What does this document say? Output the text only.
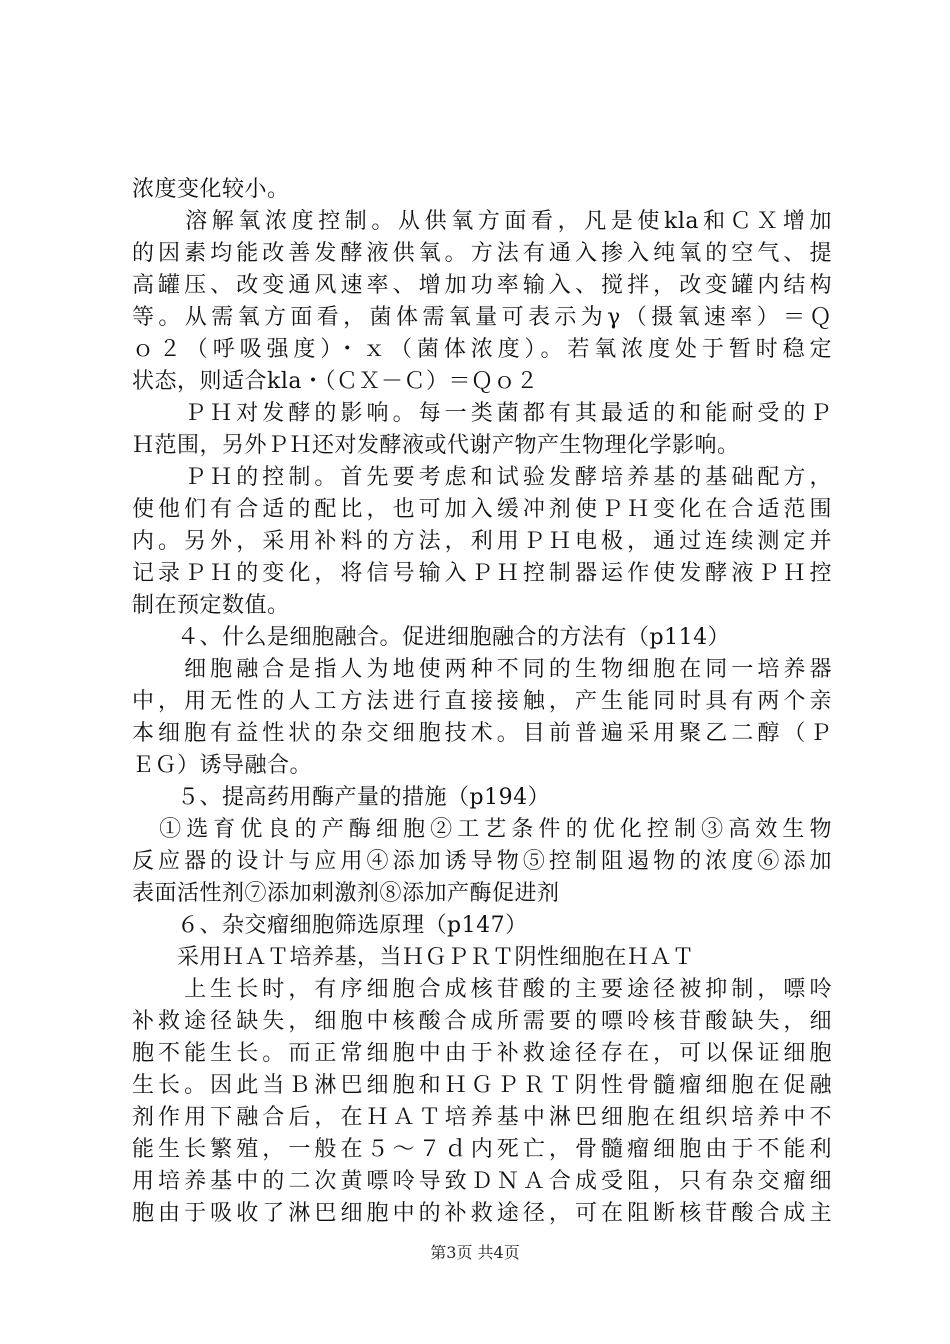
浓度变化较小。
　　溶解氧浓度控制。从供氧方面看，凡是使kla和ＣＸ增加
的因素均能改善发酵液供氧。方法有通入掺入纯氧的空气、提
高罐压、改变通风速率、增加功率输入、搅拌，改变罐内结构
等。从需氧方面看，菌体需氧量可表示为γ（摄氧速率）＝Ｑ
ｏ２（呼吸强度）・ｘ（菌体浓度）。若氧浓度处于暂时稳定
状态，则适合kla・（ＣＸ－Ｃ）＝Ｑｏ２
　　ＰＨ对发酵的影响。每一类菌都有其最适的和能耐受的Ｐ
Ｈ范围，另外ＰＨ还对发酵液或代谢产物产生物理化学影响。
　　ＰＨ的控制。首先要考虑和试验发酵培养基的基础配方，
使他们有合适的配比，也可加入缓冲剂使ＰＨ变化在合适范围
内。另外，采用补料的方法，利用ＰＨ电极，通过连续测定并
记录ＰＨ的变化，将信号输入ＰＨ控制器运作使发酵液ＰＨ控
制在预定数值。
　　４、什么是细胞融合。促进细胞融合的方法有（p114）
　　细胞融合是指人为地使两种不同的生物细胞在同一培养器
中，用无性的人工方法进行直接接触，产生能同时具有两个亲
本细胞有益性状的杂交细胞技术。目前普遍采用聚乙二醇（Ｐ
ＥＧ）诱导融合。
　　５、提高药用酶产量的措施（p194）
　①选育优良的产酶细胞②工艺条件的优化控制③高效生物
反应器的设计与应用④添加诱导物⑤控制阻遏物的浓度⑥添加
表面活性剂⑦添加刺激剂⑧添加产酶促进剂
　　６、杂交瘤细胞筛选原理（p147）
　　采用ＨＡＴ培养基，当ＨＧＰＲＴ阴性细胞在ＨＡＴ
　　上生长时，有序细胞合成核苷酸的主要途径被抑制，嘌呤
补救途径缺失，细胞中核酸合成所需要的嘌呤核苷酸缺失，细
胞不能生长。而正常细胞中由于补救途径存在，可以保证细胞
生长。因此当Ｂ淋巴细胞和ＨＧＰＲＴ阴性骨髓瘤细胞在促融
剂作用下融合后，在ＨＡＴ培养基中淋巴细胞在组织培养中不
能生长繁殖，一般在５～７ｄ内死亡，骨髓瘤细胞由于不能利
用培养基中的二次黄嘌呤导致ＤＮＡ合成受阻，只有杂交瘤细
胞由于吸收了淋巴细胞中的补救途径，可在阻断核苷酸合成主
第3页 共4页
